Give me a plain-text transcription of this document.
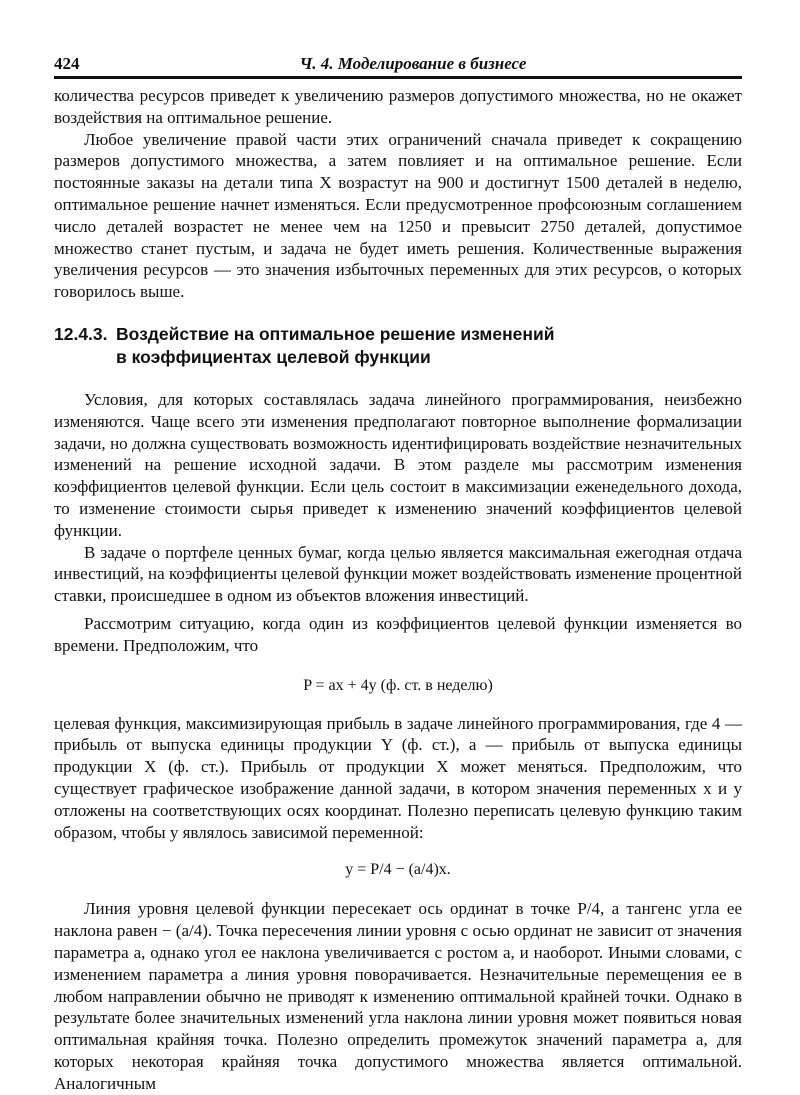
424	Ч. 4. Моделирование в бизнесе

количества ресурсов приведет к увеличению размеров допустимого множества, но не окажет воздействия на оптимальное решение.

Любое увеличение правой части этих ограничений сначала приведет к сокращению размеров допустимого множества, а затем повлияет и на оптимальное решение. Если постоянные заказы на детали типа X возрастут на 900 и достигнут 1500 деталей в неделю, оптимальное решение начнет изменяться. Если предусмотренное профсоюзным соглашением число деталей возрастет не менее чем на 1250 и превысит 2750 деталей, допустимое множество станет пустым, и задача не будет иметь решения. Количественные выражения увеличения ресурсов — это значения избыточных переменных для этих ресурсов, о которых говорилось выше.

12.4.3. Воздействие на оптимальное решение изменений
в коэффициентах целевой функции

Условия, для которых составлялась задача линейного программирования, неизбежно изменяются. Чаще всего эти изменения предполагают повторное выполнение формализации задачи, но должна существовать возможность идентифицировать воздействие незначительных изменений на решение исходной задачи. В этом разделе мы рассмотрим изменения коэффициентов целевой функции. Если цель состоит в максимизации еженедельного дохода, то изменение стоимости сырья приведет к изменению значений коэффициентов целевой функции.

В задаче о портфеле ценных бумаг, когда целью является максимальная ежегодная отдача инвестиций, на коэффициенты целевой функции может воздействовать изменение процентной ставки, происшедшее в одном из объектов вложения инвестиций.

Рассмотрим ситуацию, когда один из коэффициентов целевой функции изменяется во времени. Предположим, что

P = ax + 4y (ф. ст. в неделю)

целевая функция, максимизирующая прибыль в задаче линейного программирования, где 4 — прибыль от выпуска единицы продукции Y (ф. ст.), a — прибыль от выпуска единицы продукции X (ф. ст.). Прибыль от продукции X может меняться. Предположим, что существует графическое изображение данной задачи, в котором значения переменных x и y отложены на соответствующих осях координат. Полезно переписать целевую функцию таким образом, чтобы y являлось зависимой переменной:

y = P/4 − (a/4)x.

Линия уровня целевой функции пересекает ось ординат в точке P/4, а тангенс угла ее наклона равен − (a/4). Точка пересечения линии уровня с осью ординат не зависит от значения параметра a, однако угол ее наклона увеличивается с ростом a, и наоборот. Иными словами, с изменением параметра a линия уровня поворачивается. Незначительные перемещения ее в любом направлении обычно не приводят к изменению оптимальной крайней точки. Однако в результате более значительных изменений угла наклона линии уровня может появиться новая оптимальная крайняя точка. Полезно определить промежуток значений параметра a, для которых некоторая крайняя точка допустимого множества является оптимальной. Аналогичным
